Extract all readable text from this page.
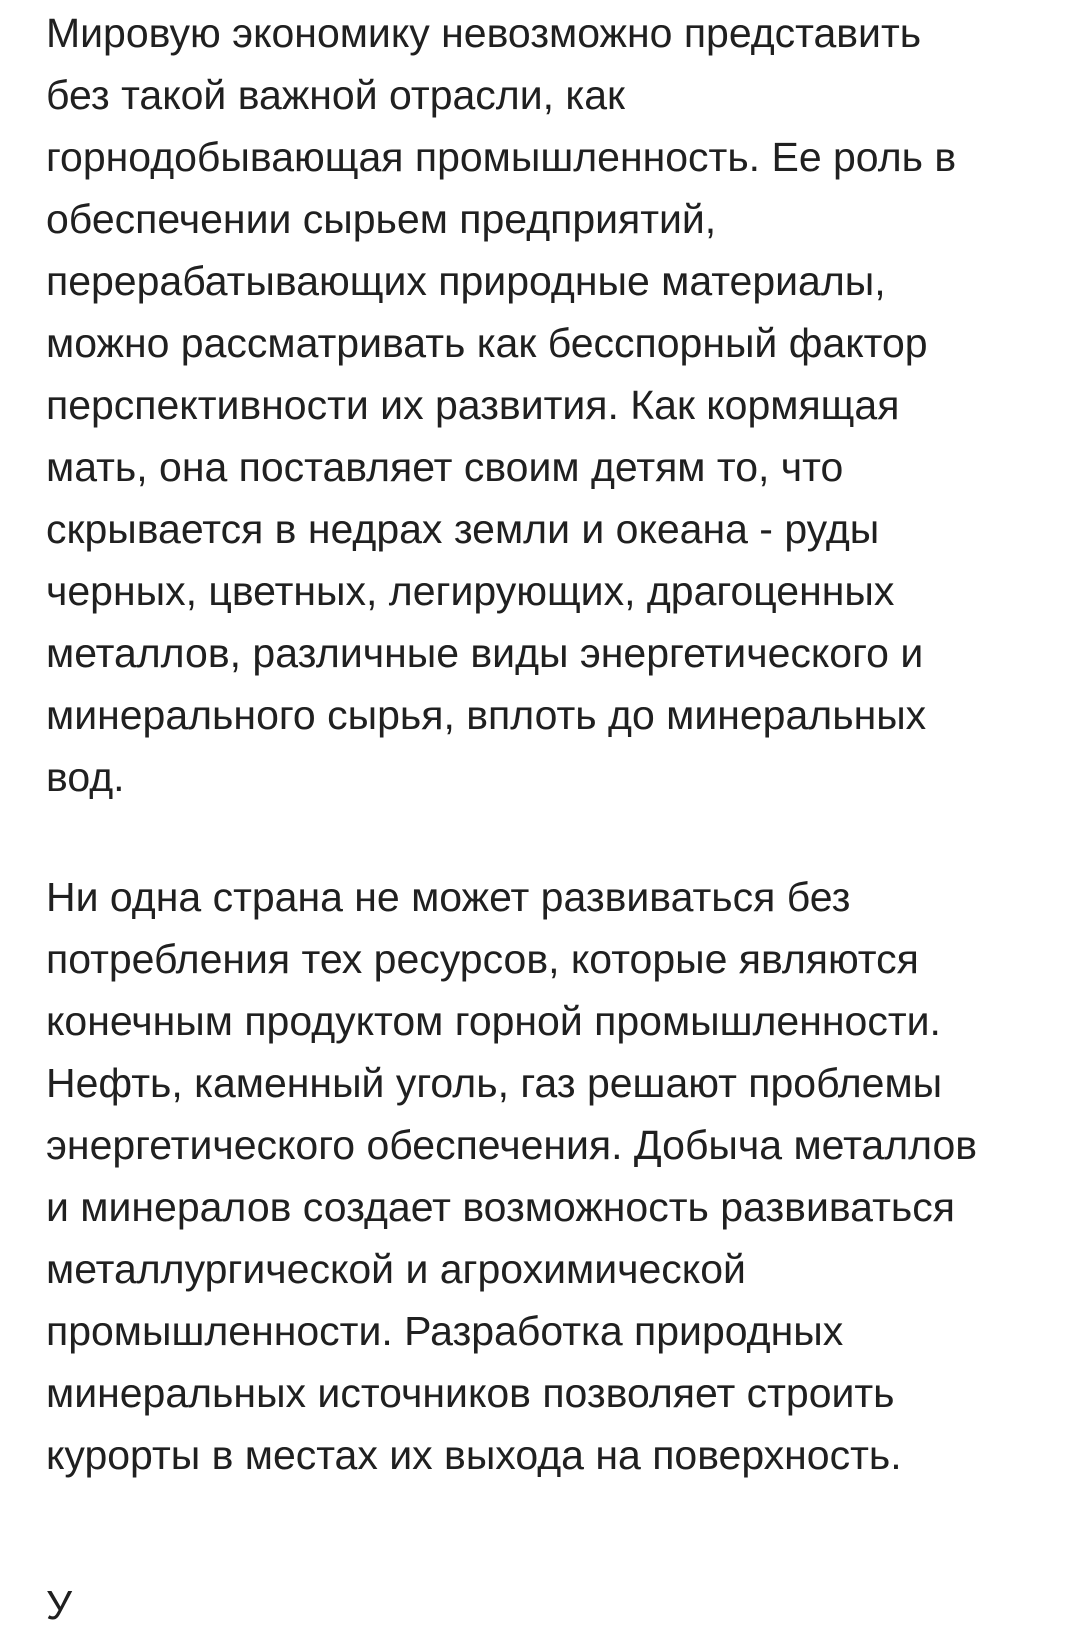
Мировую экономику невозможно представить
без такой важной отрасли, как
горнодобывающая промышленность. Ее роль в
обеспечении сырьем предприятий,
перерабатывающих природные материалы,
можно рассматривать как бесспорный фактор
перспективности их развития. Как кормящая
мать, она поставляет своим детям то, что
скрывается в недрах земли и океана - руды
черных, цветных, легирующих, драгоценных
металлов, различные виды энергетического и
минерального сырья, вплоть до минеральных
вод.

Ни одна страна не может развиваться без
потребления тех ресурсов, которые являются
конечным продуктом горной промышленности.
Нефть, каменный уголь, газ решают проблемы
энергетического обеспечения. Добыча металлов
и минералов создает возможность развиваться
металлургической и агрохимической
промышленности. Разработка природных
минеральных источников позволяет строить
курорты в местах их выхода на поверхность.

У
